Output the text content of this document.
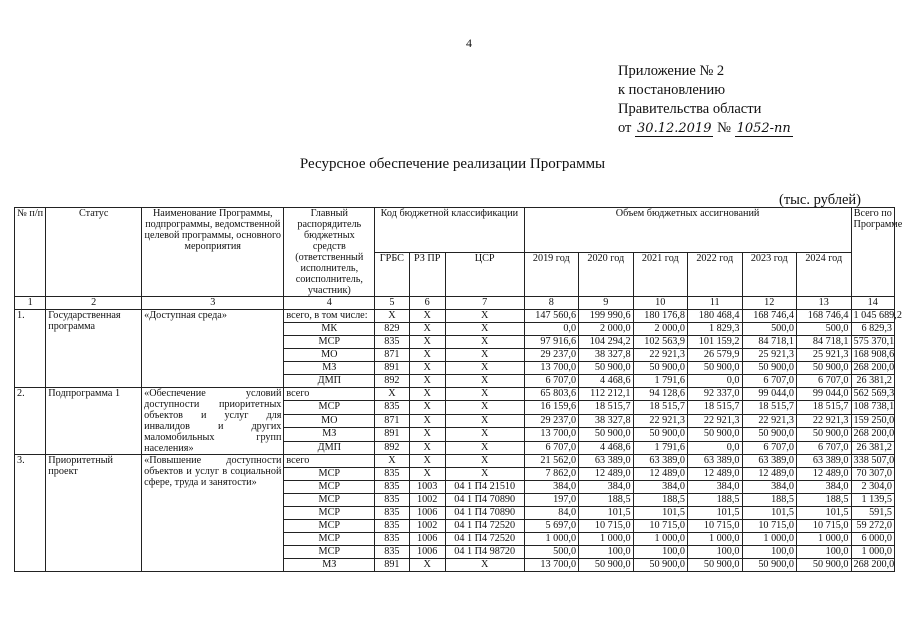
4
Приложение № 2
к постановлению
Правительства области
от 30.12.2019 № 1052-пп
Ресурсное обеспечение реализации Программы
(тыс. рублей)
№ п/п	Статус	Наименование Программы, подпрограммы, ведомственной целевой программы, основного мероприятия	Главный распорядитель бюджетных средств (ответственный исполнитель, соисполнитель, участник)	Код бюджетной классификации			Объем бюджетных ассигнований						Всего по Программе
				ГРБС	РЗ ПР	ЦСР	2019 год	2020 год	2021 год	2022 год	2023 год	2024 год	
1	2	3	4	5	6	7	8	9	10	11	12	13	14
1.	Государственная программа	«Доступная среда»	всего, в том числе:	X	X	X	147 560,6	199 990,6	180 176,8	180 468,4	168 746,4	168 746,4	1 045 689,2
			МК	829	X	X	0,0	2 000,0	2 000,0	1 829,3	500,0	500,0	6 829,3
			МСР	835	X	X	97 916,6	104 294,2	102 563,9	101 159,2	84 718,1	84 718,1	575 370,1
			МО	871	X	X	29 237,0	38 327,8	22 921,3	26 579,9	25 921,3	25 921,3	168 908,6
			МЗ	891	X	X	13 700,0	50 900,0	50 900,0	50 900,0	50 900,0	50 900,0	268 200,0
			ДМП	892	X	X	6 707,0	4 468,6	1 791,6	0,0	6 707,0	6 707,0	26 381,2
2.	Подпрограмма 1	«Обеспечение условий доступности приоритетных объектов и услуг для инвалидов и других маломобильных групп населения»	всего	X	X	X	65 803,6	112 212,1	94 128,6	92 337,0	99 044,0	99 044,0	562 569,3
			МСР	835	X	X	16 159,6	18 515,7	18 515,7	18 515,7	18 515,7	18 515,7	108 738,1
			МО	871	X	X	29 237,0	38 327,8	22 921,3	22 921,3	22 921,3	22 921,3	159 250,0
			МЗ	891	X	X	13 700,0	50 900,0	50 900,0	50 900,0	50 900,0	50 900,0	268 200,0
			ДМП	892	X	X	6 707,0	4 468,6	1 791,6	0,0	6 707,0	6 707,0	26 381,2
3.	Приоритетный проект	«Повышение доступности объектов и услуг в социальной сфере, труда и занятости»	всего	X	X	X	21 562,0	63 389,0	63 389,0	63 389,0	63 389,0	63 389,0	338 507,0
			МСР	835	X	X	7 862,0	12 489,0	12 489,0	12 489,0	12 489,0	12 489,0	70 307,0
			МСР	835	1003	04 1 П4 21510	384,0	384,0	384,0	384,0	384,0	384,0	2 304,0
			МСР	835	1002	04 1 П4 70890	197,0	188,5	188,5	188,5	188,5	188,5	1 139,5
			МСР	835	1006	04 1 П4 70890	84,0	101,5	101,5	101,5	101,5	101,5	591,5
			МСР	835	1002	04 1 П4 72520	5 697,0	10 715,0	10 715,0	10 715,0	10 715,0	10 715,0	59 272,0
			МСР	835	1006	04 1 П4 72520	1 000,0	1 000,0	1 000,0	1 000,0	1 000,0	1 000,0	6 000,0
			МСР	835	1006	04 1 П4 98720	500,0	100,0	100,0	100,0	100,0	100,0	1 000,0
			МЗ	891	X	X	13 700,0	50 900,0	50 900,0	50 900,0	50 900,0	50 900,0	268 200,0
